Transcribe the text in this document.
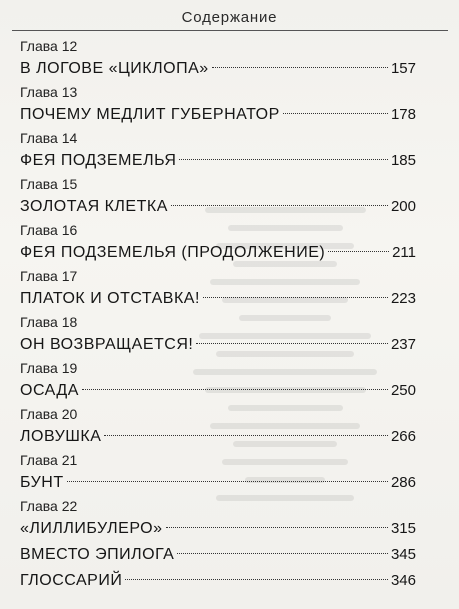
Содержание
Глава 12
В ЛОГОВЕ «ЦИКЛОПА»	157
Глава 13
ПОЧЕМУ МЕДЛИТ ГУБЕРНАТОР	178
Глава 14
ФЕЯ ПОДЗЕМЕЛЬЯ	185
Глава 15
ЗОЛОТАЯ КЛЕТКА	200
Глава 16
ФЕЯ ПОДЗЕМЕЛЬЯ (ПРОДОЛЖЕНИЕ)	211
Глава 17
ПЛАТОК И ОТСТАВКА!	223
Глава 18
ОН ВОЗВРАЩАЕТСЯ!	237
Глава 19
ОСАДА	250
Глава 20
ЛОВУШКА	266
Глава 21
БУНТ	286
Глава 22
«ЛИЛЛИБУЛЕРО»	315
ВМЕСТО ЭПИЛОГА	345
ГЛОССАРИЙ	346
